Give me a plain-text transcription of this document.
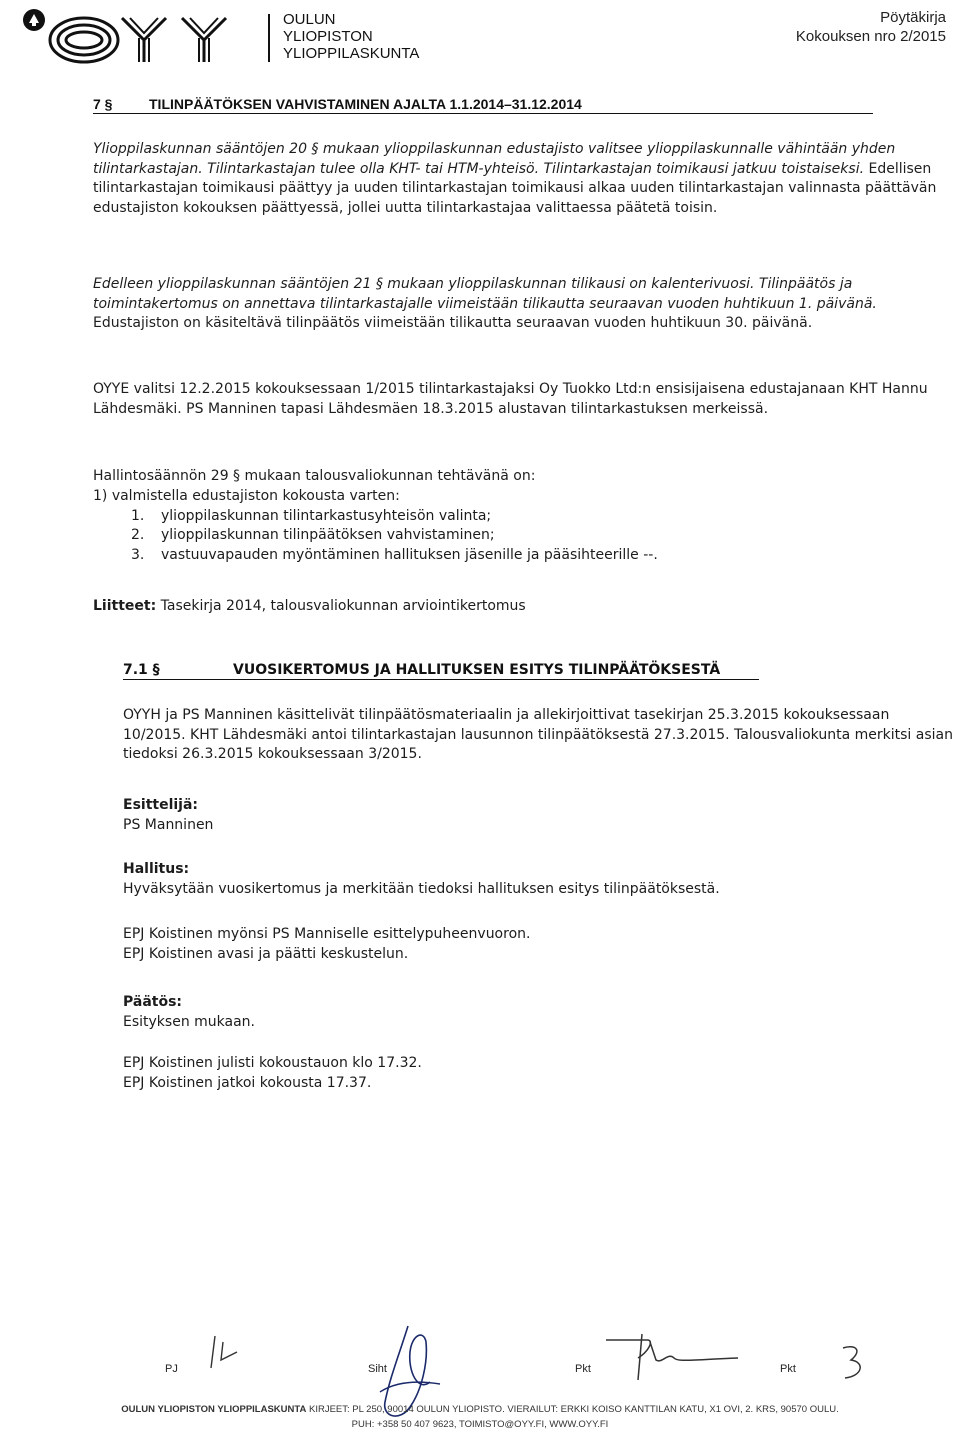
OULUN
YLIOPISTON
YLIOPPILASKUNTA
Pöytäkirja
Kokouksen nro 2/2015
7 §	TILINPÄÄTÖKSEN VAHVISTAMINEN AJALTA 1.1.2014–31.12.2014
Ylioppilaskunnan sääntöjen 20 § mukaan ylioppilaskunnan edustajisto valitsee ylioppilaskunnalle vähintään yhden tilintarkastajan. Tilintarkastajan tulee olla KHT- tai HTM-yhteisö. Tilintarkastajan toimikausi jatkuu toistaiseksi. Edellisen tilintarkastajan toimikausi päättyy ja uuden tilintarkastajan toimikausi alkaa uuden tilintarkastajan valinnasta päättävän edustajiston kokouksen päättyessä, jollei uutta tilintarkastajaa valittaessa päätetä toisin.
Edelleen ylioppilaskunnan sääntöjen 21 § mukaan ylioppilaskunnan tilikausi on kalenterivuosi. Tilinpäätös ja toimintakertomus on annettava tilintarkastajalle viimeistään tilikautta seuraavan vuoden huhtikuun 1. päivänä. Edustajiston on käsiteltävä tilinpäätös viimeistään tilikautta seuraavan vuoden huhtikuun 30. päivänä.
OYYE valitsi 12.2.2015 kokouksessaan 1/2015 tilintarkastajaksi Oy Tuokko Ltd:n ensisijaisena edustajanaan KHT Hannu Lähdesmäki. PS Manninen tapasi Lähdesmäen 18.3.2015 alustavan tilintarkastuksen merkeissä.

Hallintosäännön 29 § mukaan talousvaliokunnan tehtävänä on:

1) valmistella edustajiston kokousta varten:

1.	ylioppilaskunnan tilintarkastusyhteisön valinta;
2.	ylioppilaskunnan tilinpäätöksen vahvistaminen;
3.	vastuuvapauden myöntäminen hallituksen jäsenille ja pääsihteerille --.
Liitteet: Tasekirja 2014, talousvaliokunnan arviointikertomus
7.1 §	VUOSIKERTOMUS JA HALLITUKSEN ESITYS TILINPÄÄTÖKSESTÄ
OYYH ja PS Manninen käsittelivät tilinpäätösmateriaalin ja allekirjoittivat tasekirjan 25.3.2015 kokouksessaan 10/2015. KHT Lähdesmäki antoi tilintarkastajan lausunnon tilinpäätöksestä 27.3.2015. Talousvaliokunta merkitsi asian tiedoksi 26.3.2015 kokouksessaan 3/2015.
Esittelijä:
PS Manninen
Hallitus:
Hyväksytään vuosikertomus ja merkitään tiedoksi hallituksen esitys tilinpäätöksestä.
EPJ Koistinen myönsi PS Manniselle esittelypuheenvuoron.
EPJ Koistinen avasi ja päätti keskustelun.
Päätös:
Esityksen mukaan.
EPJ Koistinen julisti kokoustauon klo 17.32.
EPJ Koistinen jatkoi kokousta 17.37.
PJ	Siht	Pkt	Pkt
OULUN YLIOPISTON YLIOPPILASKUNTA KIRJEET: PL 250, 90014 OULUN YLIOPISTO. VIERAILUT: ERKKI KOISO KANTTILAN KATU, X1 OVI, 2. KRS, 90570 OULU.
PUH: +358 50 407 9623, TOIMISTO@OYY.FI, WWW.OYY.FI
